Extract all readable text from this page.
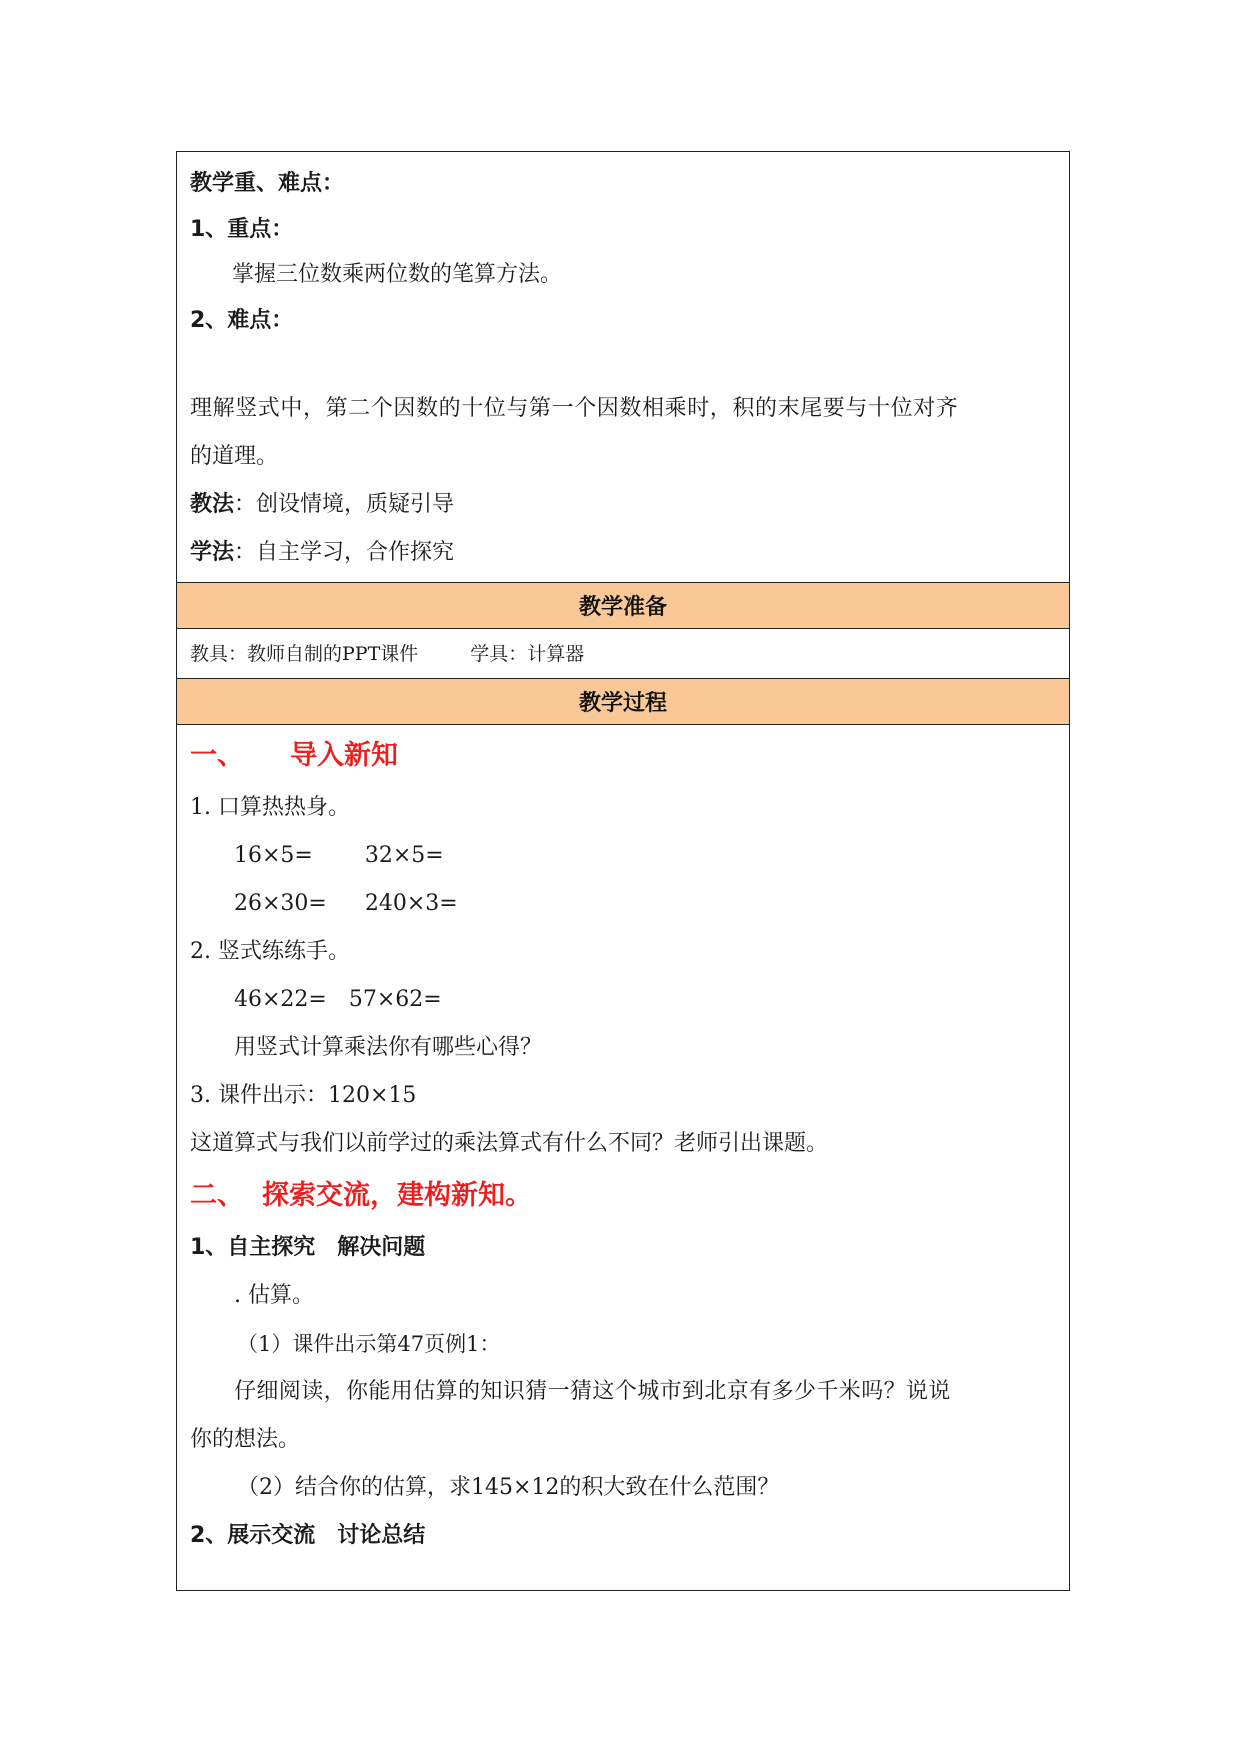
教学重、难点：
1、重点：
掌握三位数乘两位数的笔算方法。
2、难点：
理解竖式中，第二个因数的十位与第一个因数相乘时，积的末尾要与十位对齐
的道理。
教法：创设情境，质疑引导
学法：自主学习，合作探究
教学准备
教具：教师自制的PPT课件	学具：计算器
教学过程
一、 导入新知
1. 口算热热身。
16×5= 32×5=
26×30= 240×3=
2. 竖式练练手。
46×22= 57×62=
用竖式计算乘法你有哪些心得？
3. 课件出示：120×15
这道算式与我们以前学过的乘法算式有什么不同？老师引出课题。
二、 探索交流，建构新知。
1、自主探究　解决问题
. 估算。
（1）课件出示第47页例1：
仔细阅读，你能用估算的知识猜一猜这个城市到北京有多少千米吗？说说
你的想法。
（2）结合你的估算，求145×12的积大致在什么范围？
2、展示交流　讨论总结
